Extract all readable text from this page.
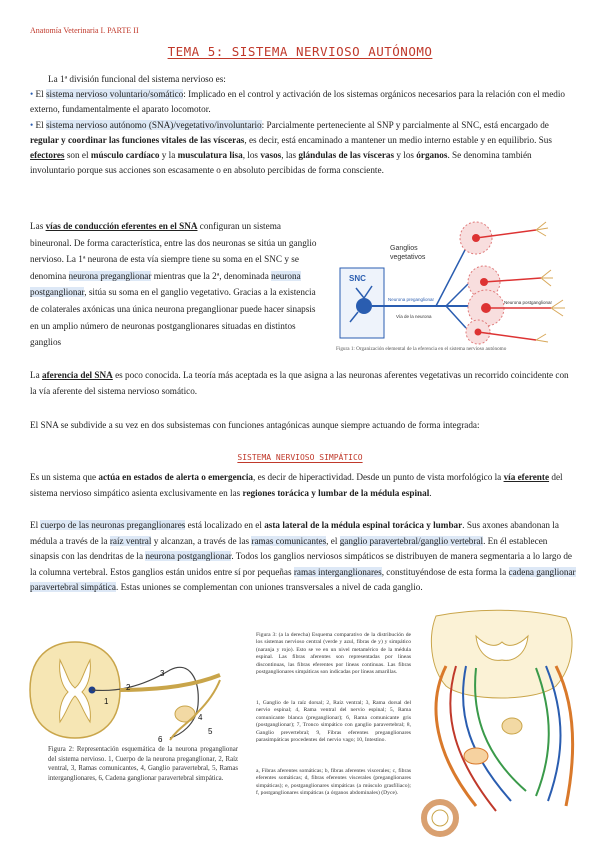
Anatomía Veterinaria I. PARTE II
TEMA 5: SISTEMA NERVIOSO AUTÓNOMO
La 1ª división funcional del sistema nervioso es:
• El sistema nervioso voluntario/somático: Implicado en el control y activación de los sistemas orgánicos necesarios para la relación con el medio externo, fundamentalmente el aparato locomotor.
• El sistema nervioso autónomo (SNA)/vegetativo/involuntario: Parcialmente perteneciente al SNP y parcialmente al SNC, está encargado de regular y coordinar las funciones vitales de las vísceras, es decir, está encaminado a mantener un medio interno estable y en equilibrio. Sus efectores son el músculo cardíaco y la musculatura lisa, los vasos, las glándulas de las vísceras y los órganos. Se denomina también involuntario porque sus acciones son escasamente o en absoluto percibidas de forma consciente.
Las vías de conducción eferentes en el SNA configuran un sistema bineuronal. De forma característica, entre las dos neuronas se sitúa un ganglio nervioso. La 1ª neurona de esta vía siempre tiene su soma en el SNC y se denomina neurona preganglionar mientras que la 2ª, denominada neurona postganglionar, sitúa su soma en el ganglio vegetativo. Gracias a la existencia de colaterales axónicas una única neurona preganglionar puede hacer sinapsis en un amplio número de neuronas postganglionares situadas en distintos ganglios
Ganglios
vegetativos
SNC
Neurona preganglionar
Neurona postganglionar
Vía de la neurona
Figura 1: Organización elemental de la eferencia en el sistema nervioso autónomo
La aferencia del SNA es poco conocida. La teoría más aceptada es la que asigna a las neuronas aferentes vegetativas un recorrido coincidente con la vía aferente del sistema nervioso somático.
El SNA se subdivide a su vez en dos subsistemas con funciones antagónicas aunque siempre actuando de forma integrada:
SISTEMA NERVIOSO SIMPÁTICO
Es un sistema que actúa en estados de alerta o emergencia, es decir de hiperactividad. Desde un punto de vista morfológico la vía eferente del sistema nervioso simpático asienta exclusivamente en las regiones torácica y lumbar de la médula espinal.
El cuerpo de las neuronas preganglionares está localizado en el asta lateral de la médula espinal torácica y lumbar. Sus axones abandonan la médula a través de la raíz ventral y alcanzan, a través de las ramas comunicantes, el ganglio paravertebral/ganglio vertebral. En él establecen sinapsis con las dendritas de la neurona postganglionar. Todos los ganglios nerviosos simpáticos se distribuyen de manera segmentaria a lo largo de la columna vertebral. Estos ganglios están unidos entre sí por pequeñas ramas interganglionares, constituyéndose de esta forma la cadena ganglionar paravertebral simpática. Estas uniones se complementan con uniones transversales a nivel de cada ganglio.
1
2
3
4
5
6
Figura 2: Representación esquemática de la neurona preganglionar del sistema nervioso. 1, Cuerpo de la neurona preganglionar, 2, Raíz ventral, 3, Ramas comunicantes, 4, Ganglio paravertebral, 5, Ramas interganglionares, 6, Cadena ganglionar paravertebral simpática.
Figura 3: (a la derecha) Esquema comparativo de la distribución de los sistemas nervioso central (verde y azul, fibras de y) y simpático (naranja y rojo). Esto se ve en un nivel metamérico de la médula espinal. Las fibras aferentes son representadas por líneas discontinuas, las fibras eferentes por líneas continuas. Las fibras postganglionares simpáticas son indicadas por líneas amarillas.
1, Ganglio de la raíz dorsal; 2, Raíz ventral; 3, Rama dorsal del nervio espinal; 4, Rama ventral del nervio espinal; 5, Rama comunicante blanca (preganglionar); 6, Rama comunicante gris (postganglionar); 7, Tronco simpático con ganglio paravertebral; 8, Ganglio prevertebral; 9, Fibras eferentes preganglionares parasimpáticas procedentes del nervio vago; 10, Intestino.
a, Fibras aferentes somáticas; b, fibras aferentes viscerales; c, fibras eferentes somáticas; d, fibras eferentes viscerales (preganglionares simpáticas); e, postganglionares simpáticas (a músculo grasfíliaco); f, postganglionares simpáticas (a órganos abdominales) (Dyce).
